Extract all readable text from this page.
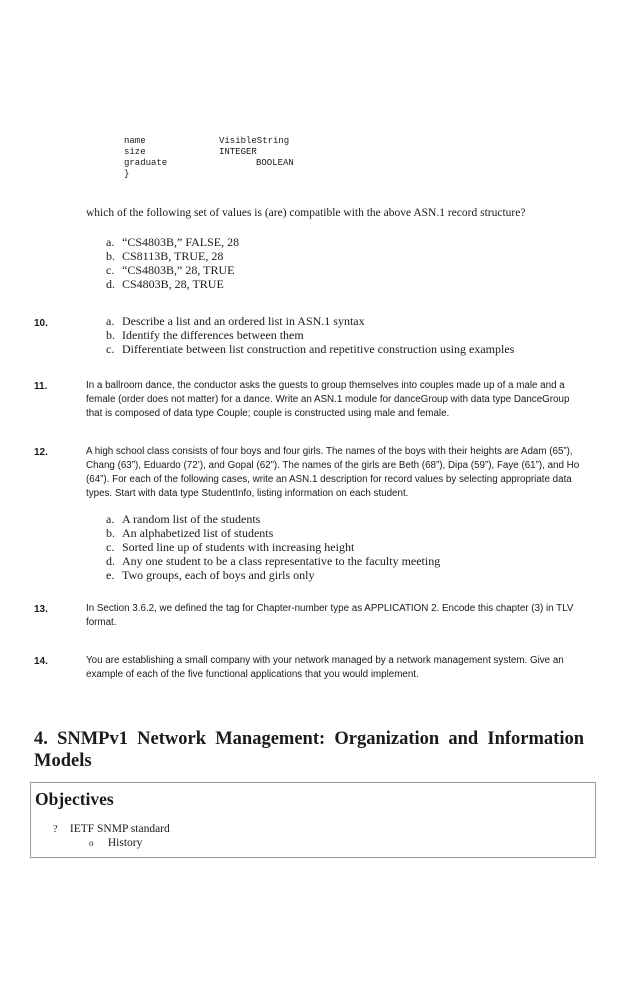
name	VisibleString
size	INTEGER
graduate	BOOLEAN
}
which of the following set of values is (are) compatible with the above ASN.1 record structure?
a. “CS4803B,” FALSE, 28
b. CS8113B, TRUE, 28
c. “CS4803B,” 28, TRUE
d. CS4803B, 28, TRUE
10.	a. Describe a list and an ordered list in ASN.1 syntax
b. Identify the differences between them
c. Differentiate between list construction and repetitive construction using examples
11.	In a ballroom dance, the conductor asks the guests to group themselves into couples made up of a male and a
female (order does not matter) for a dance. Write an ASN.1 module for danceGroup with data type DanceGroup
that is composed of data type Couple; couple is constructed using male and female.
12.	A high school class consists of four boys and four girls. The names of the boys with their heights are Adam (65”),
Chang (63”), Eduardo (72’), and Gopal (62”). The names of the girls are Beth (68”), Dipa (59”), Faye (61”), and Ho
(64”). For each of the following cases, write an ASN.1 description for record values by selecting appropriate data
types. Start with data type StudentInfo, listing information on each student.
a. A random list of the students
b. An alphabetized list of students
c. Sorted line up of students with increasing height
d. Any one student to be a class representative to the faculty meeting
e. Two groups, each of boys and girls only
13.	In Section 3.6.2, we defined the tag for Chapter-number type as APPLICATION 2. Encode this chapter (3) in TLV
format.
14.	You are establishing a small company with your network managed by a network management system. Give an
example of each of the five functional applications that you would implement.
4. SNMPv1 Network Management: Organization and Information Models
Objectives
? IETF SNMP standard
o History
